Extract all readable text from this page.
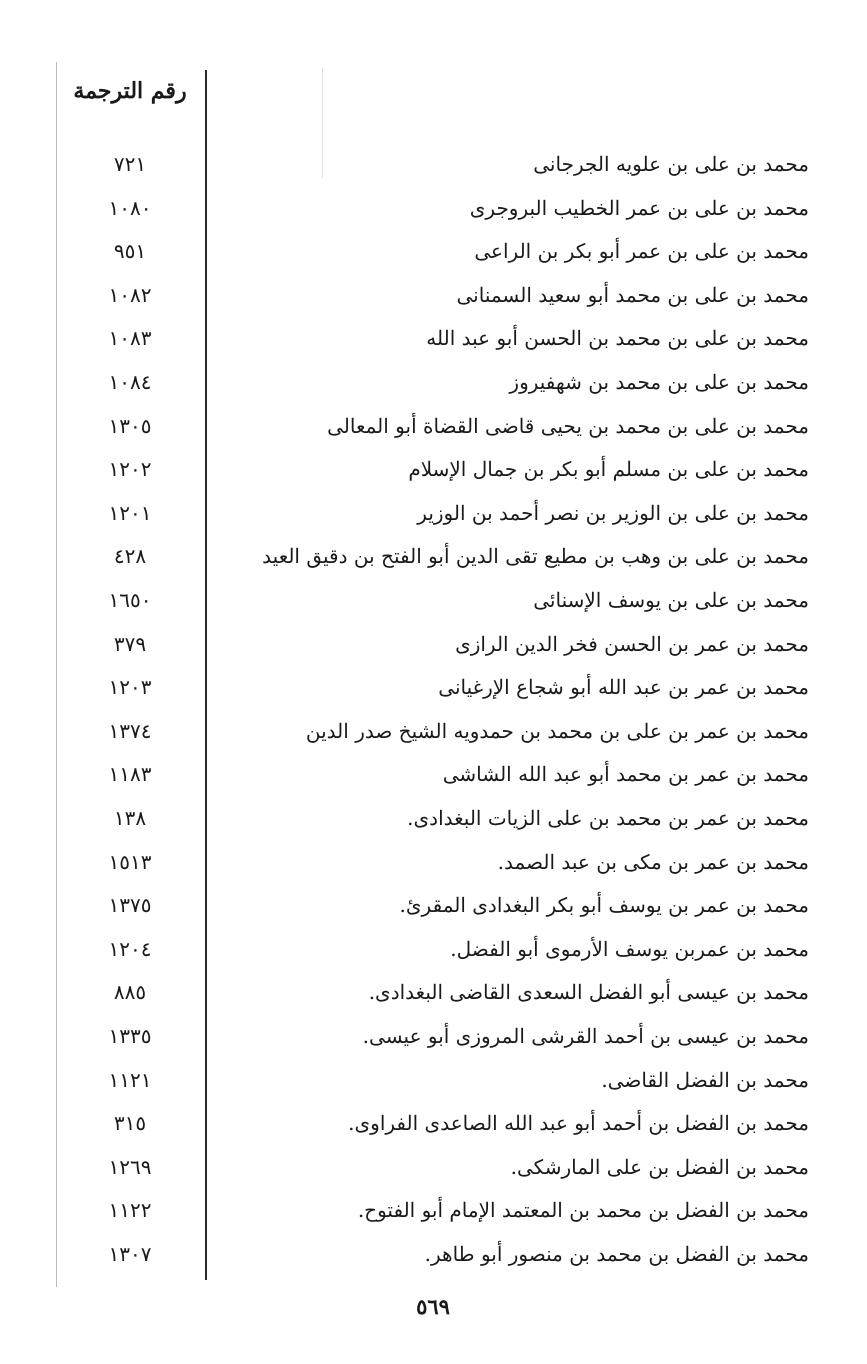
رقم الترجمة
محمد بن على بن علويه الجرجانى
٧٢١
محمد بن على بن عمر الخطيب البروجرى
١٠٨٠
محمد بن على بن عمر أبو بكر بن الراعى
٩٥١
محمد بن على بن محمد أبو سعيد السمنانى
١٠٨٢
محمد بن على بن محمد بن الحسن أبو عبد الله
١٠٨٣
محمد بن على بن محمد بن شهفيروز
١٠٨٤
محمد بن على بن محمد بن يحيى قاضى القضاة أبو المعالى
١٣٠٥
محمد بن على بن مسلم أبو بكر بن جمال الإسلام
١٢٠٢
محمد بن على بن الوزير بن نصر أحمد بن الوزير
١٢٠١
محمد بن على بن وهب بن مطيع تقى الدين أبو الفتح بن دقيق العيد
٤٢٨
محمد بن على بن يوسف الإسنائى
١٦٥٠
محمد بن عمر بن الحسن فخر الدين الرازى
٣٧٩
محمد بن عمر بن عبد الله أبو شجاع الإرغيانى
١٢٠٣
محمد بن عمر بن على بن محمد بن حمدويه الشيخ صدر الدين
١٣٧٤
محمد بن عمر بن محمد أبو عبد الله الشاشى
١١٨٣
محمد بن عمر بن محمد بن على الزيات البغدادى.
١٣٨
محمد بن عمر بن مكى بن عبد الصمد.
١٥١٣
محمد بن عمر بن يوسف أبو بكر البغدادى المقرئ.
١٣٧٥
محمد بن عمربن يوسف الأرموى أبو الفضل.
١٢٠٤
محمد بن عيسى أبو الفضل السعدى القاضى البغدادى.
٨٨٥
محمد بن عيسى بن أحمد القرشى المروزى أبو عيسى.
١٣٣٥
محمد بن الفضل القاضى.
١١٢١
محمد بن الفضل بن أحمد أبو عبد الله الصاعدى الفراوى.
٣١٥
محمد بن الفضل بن على المارشكى.
١٢٦٩
محمد بن الفضل بن محمد بن المعتمد الإمام أبو الفتوح.
١١٢٢
محمد بن الفضل بن محمد بن منصور أبو طاهر.
١٣٠٧
٥٦٩
